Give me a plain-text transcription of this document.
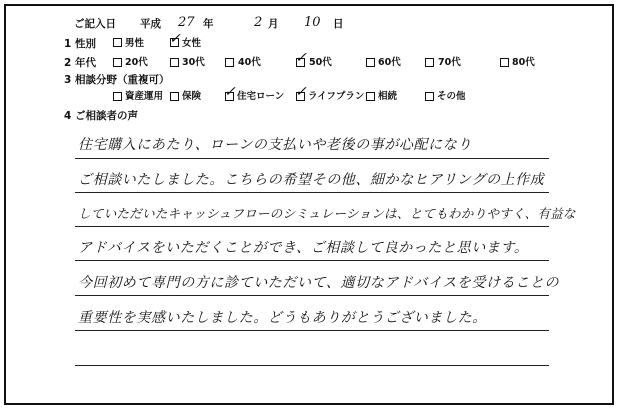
ご記入日 平成 27 年	2 月 10 日
1 性別	男性 ✓ 女性
2 年代	20代	30代	40代 ✓ 50代	60代	70代	80代
3 相談分野（重複可）
資産運用 保険 ✓ 住宅ローン ✓ ライフプラン 相続	その他
4 ご相談者の声
住宅購入にあたり、ローンの支払いや老後の事が心配になり
ご相談いたしました。こちらの希望その他、細かなヒアリングの上作成
していただいたキャッシュフローのシミュレーションは、とてもわかりやすく、有益な
アドバイスをいただくことができ、ご相談して良かったと思います。
今回初めて専門の方に診ていただいて、適切なアドバイスを受けることの
重要性を実感いたしました。どうもありがとうございました。
